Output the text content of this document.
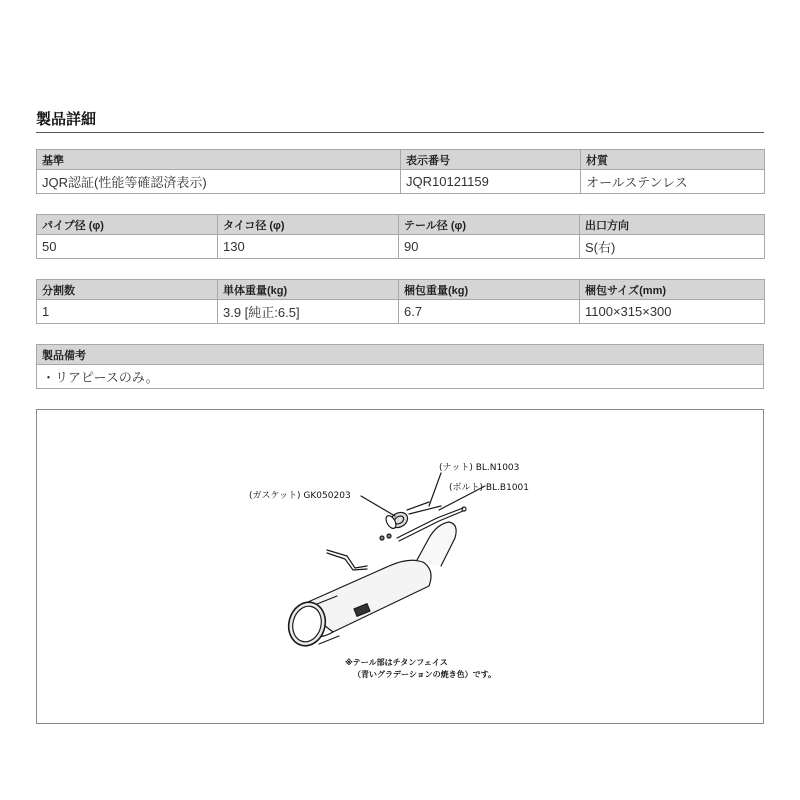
製品詳細
基準	表示番号	材質
JQR認証(性能等確認済表示)	JQR10121159	オールステンレス
パイプ径 (φ)	タイコ径 (φ)	テール径 (φ)	出口方向
50	130	90	S(右)
分割数	単体重量(kg)	梱包重量(kg)	梱包サイズ(mm)
1	3.9 [純正:6.5]	6.7	1100×315×300
製品備考
・リアピースのみ。
(ナット) BL.N1003
(ボルト) BL.B1001
(ガスケット) GK050203
※テール部はチタンフェイス
（青いグラデーションの焼き色）です。
